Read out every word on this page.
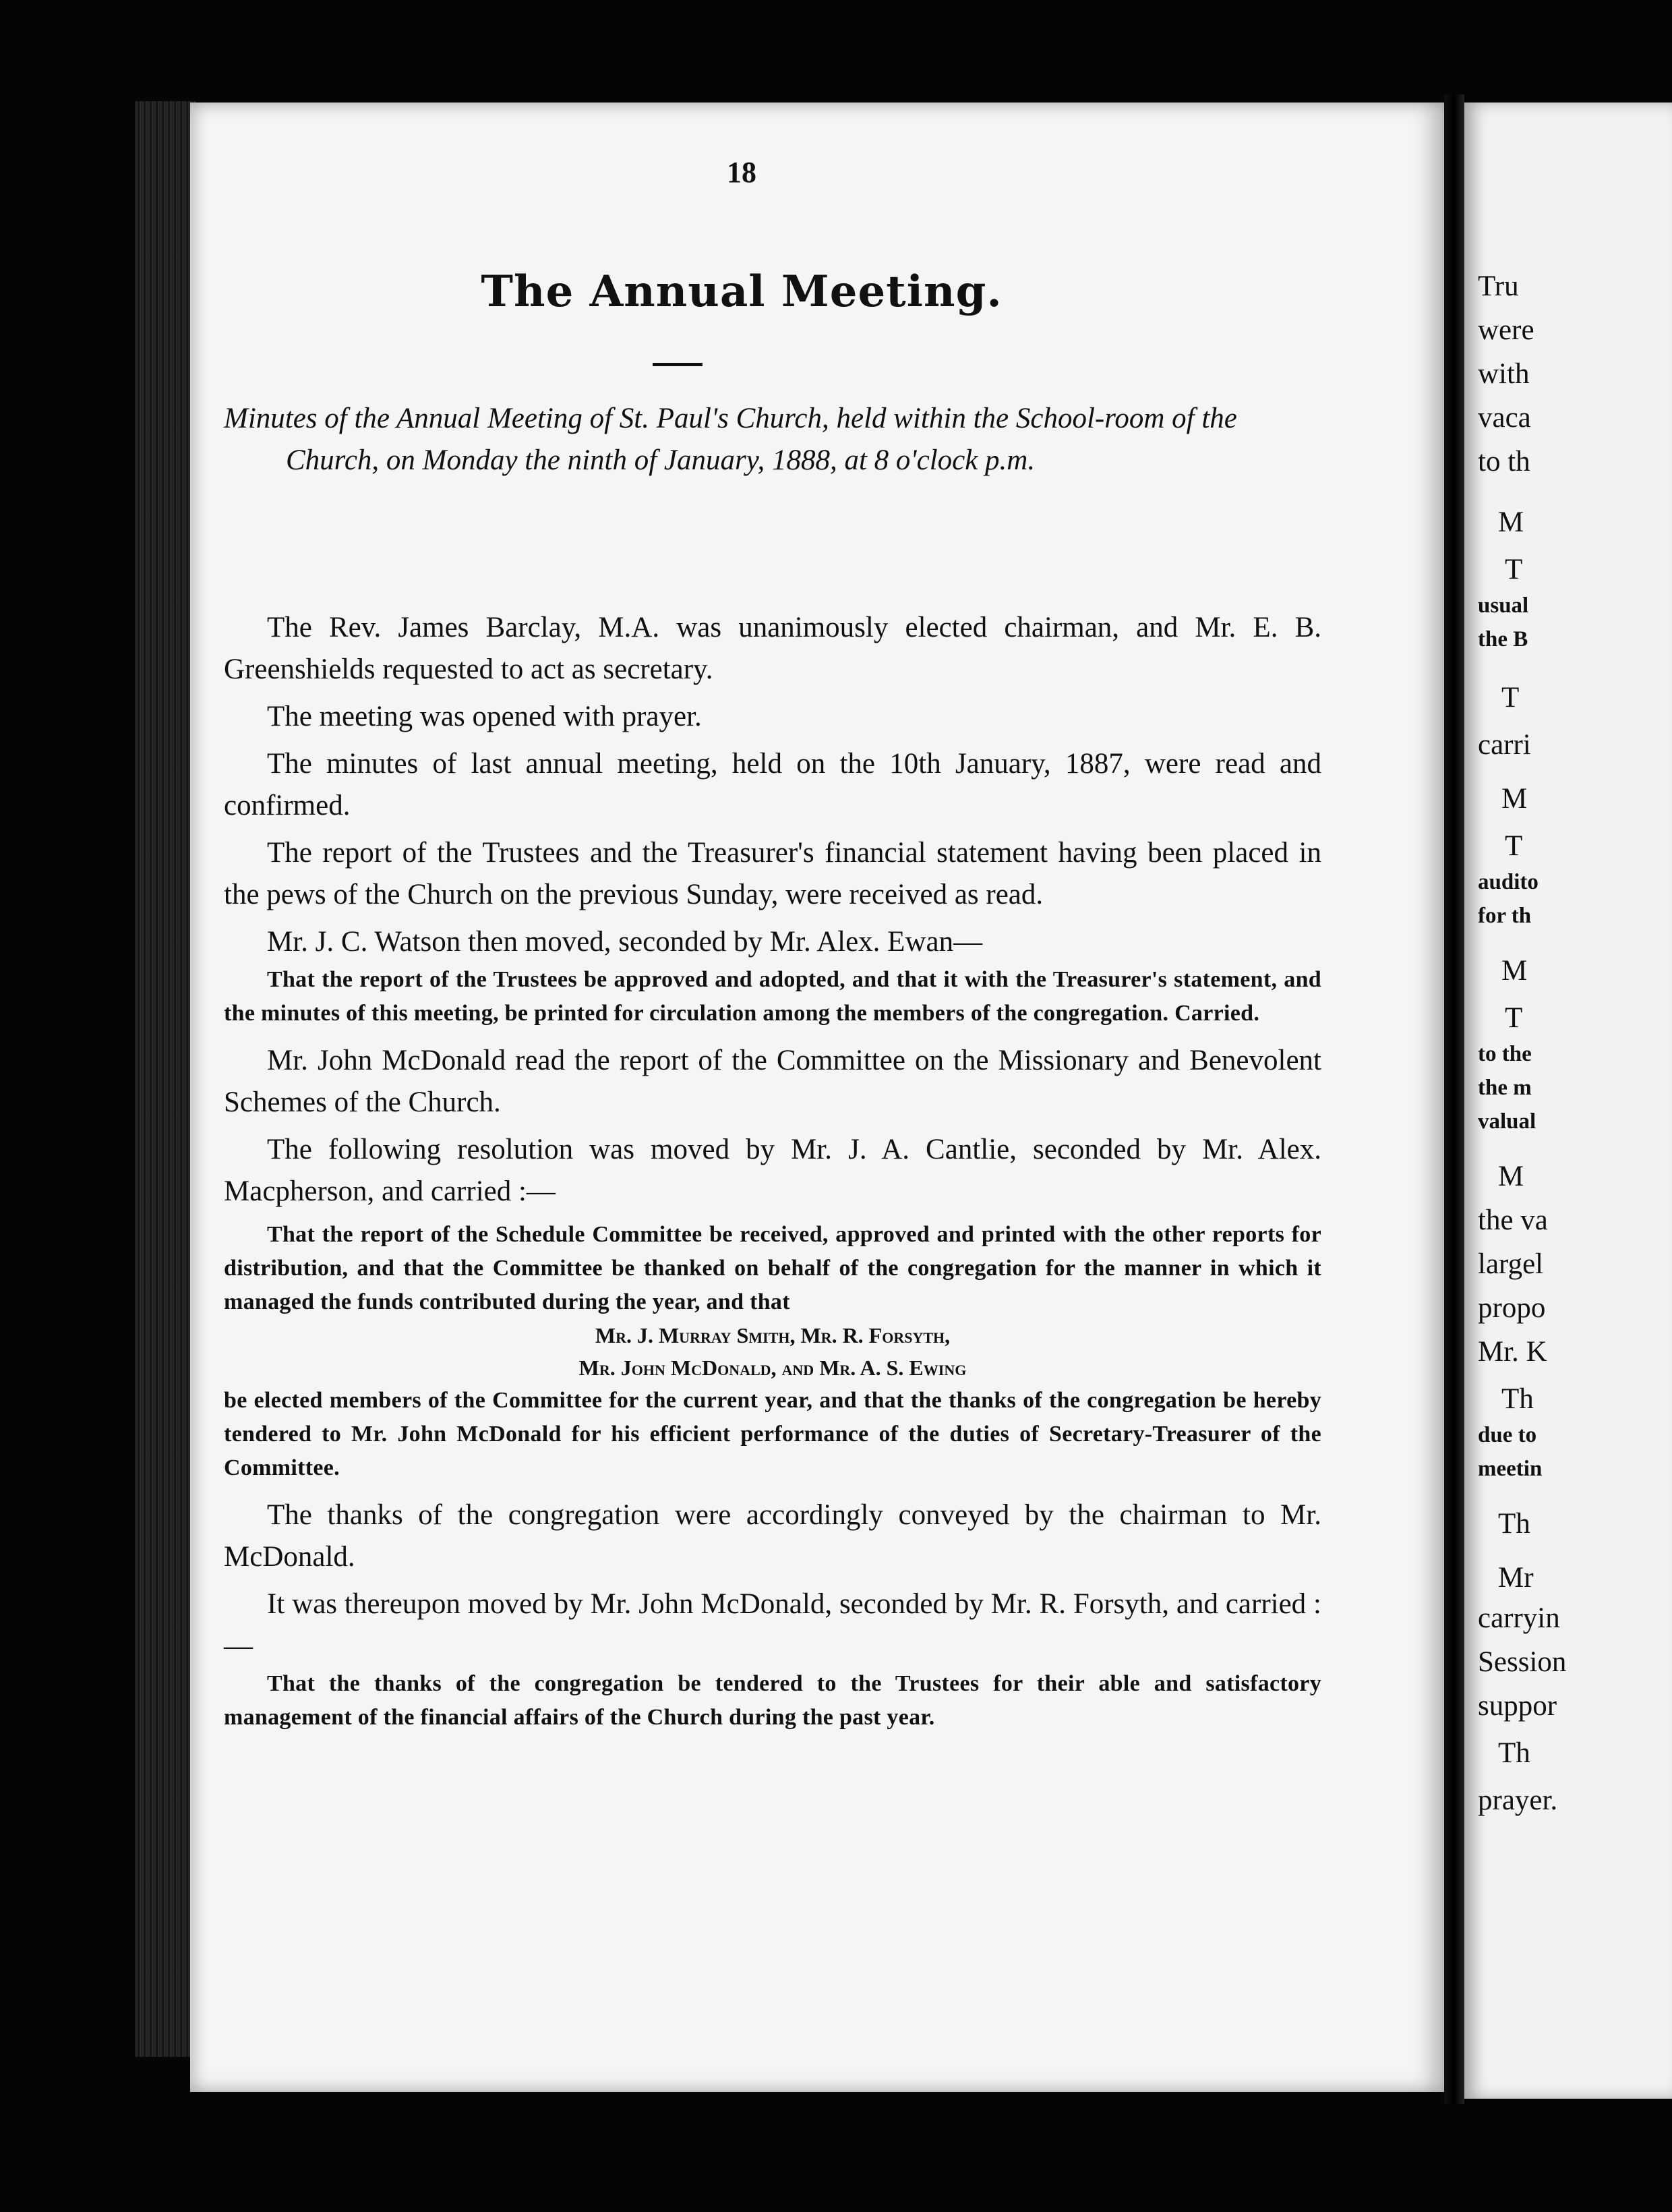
18
The Annual Meeting.

Minutes of the Annual Meeting of St. Paul's Church, held within the School-room of the Church, on Monday the ninth of January, 1888, at 8 o'clock p.m.

The Rev. James Barclay, M.A. was unanimously elected chairman, and Mr. E. B. Greenshields requested to act as secretary.

The meeting was opened with prayer.

The minutes of last annual meeting, held on the 10th January, 1887, were read and confirmed.

The report of the Trustees and the Treasurer's financial statement having been placed in the pews of the Church on the previous Sunday, were received as read.

Mr. J. C. Watson then moved, seconded by Mr. Alex. Ewan—

That the report of the Trustees be approved and adopted, and that it with the Treasurer's statement, and the minutes of this meeting, be printed for circulation among the members of the congregation. Carried.

Mr. John McDonald read the report of the Committee on the Missionary and Benevolent Schemes of the Church.

The following resolution was moved by Mr. J. A. Cantlie, seconded by Mr. Alex. Macpherson, and carried :—

That the report of the Schedule Committee be received, approved and printed with the other reports for distribution, and that the Committee be thanked on behalf of the congregation for the manner in which it managed the funds contributed during the year, and that

Mr. J. Murray Smith, Mr. R. Forsyth,
Mr. John McDonald, and Mr. A. S. Ewing

be elected members of the Committee for the current year, and that the thanks of the congregation be hereby tendered to Mr. John McDonald for his efficient performance of the duties of Secretary-Treasurer of the Committee.

The thanks of the congregation were accordingly conveyed by the chairman to Mr. McDonald.

It was thereupon moved by Mr. John McDonald, seconded by Mr. R. Forsyth, and carried :—

That the thanks of the congregation be tendered to the Trustees for their able and satisfactory management of the financial affairs of the Church during the past year.

Tru
were
with
vaca
to th
M
T
usual
the B
T
carri
M
T
audito
for th
M
T
to the
the m
valual
M
the va
largel
propo
Mr. K
Th
due to
meetin
Th
Mr
carryin
Session
suppor
Th
prayer.
